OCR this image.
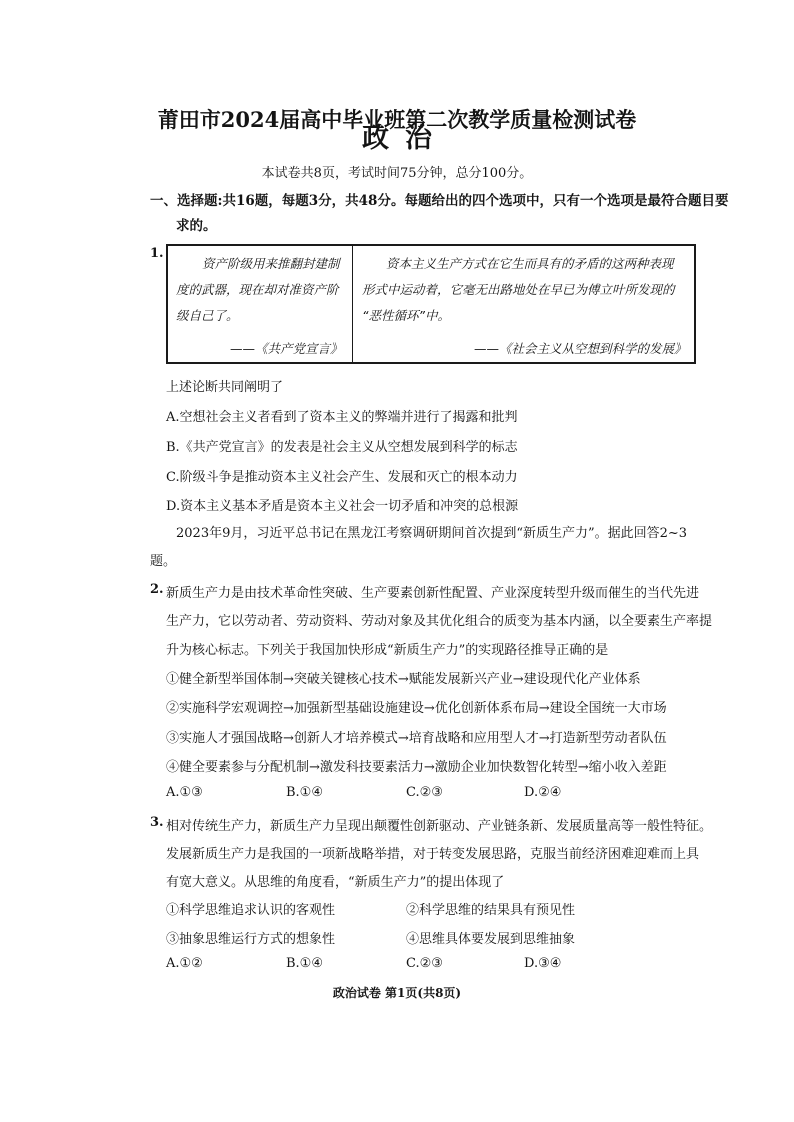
莆田市2024届高中毕业班第二次教学质量检测试卷
政治
本试卷共8页，考试时间75分钟，总分100分。
一、选择题:共16题，每题3分，共48分。每题给出的四个选项中，只有一个选项是最符合题目要
求的。
1.
资产阶级用来推翻封建制
度的武器，现在却对准资产阶
级自己了。
——《共产党宣言》
资本主义生产方式在它生而具有的矛盾的这两种表现
形式中运动着，它毫无出路地处在早已为傅立叶所发现的
“恶性循环”中。
——《社会主义从空想到科学的发展》
上述论断共同阐明了
A.空想社会主义者看到了资本主义的弊端并进行了揭露和批判
B.《共产党宣言》的发表是社会主义从空想发展到科学的标志
C.阶级斗争是推动资本主义社会产生、发展和灭亡的根本动力
D.资本主义基本矛盾是资本主义社会一切矛盾和冲突的总根源
2023年9月，习近平总书记在黑龙江考察调研期间首次提到“新质生产力”。据此回答2~3
题。
2. 新质生产力是由技术革命性突破、生产要素创新性配置、产业深度转型升级而催生的当代先进
生产力，它以劳动者、劳动资料、劳动对象及其优化组合的质变为基本内涵，以全要素生产率提
升为核心标志。下列关于我国加快形成“新质生产力”的实现路径推导正确的是
①健全新型举国体制→突破关键核心技术→赋能发展新兴产业→建设现代化产业体系
②实施科学宏观调控→加强新型基础设施建设→优化创新体系布局→建设全国统一大市场
③实施人才强国战略→创新人才培养模式→培育战略和应用型人才→打造新型劳动者队伍
④健全要素参与分配机制→激发科技要素活力→激励企业加快数智化转型→缩小收入差距
A.①③	B.①④	C.②③	D.②④
3. 相对传统生产力，新质生产力呈现出颠覆性创新驱动、产业链条新、发展质量高等一般性特征。
发展新质生产力是我国的一项新战略举措，对于转变发展思路，克服当前经济困难迎难而上具
有宽大意义。从思维的角度看，“新质生产力”的提出体现了
①科学思维追求认识的客观性	②科学思维的结果具有预见性
③抽象思维运行方式的想象性	④思维具体要发展到思维抽象
A.①②	B.①④	C.②③	D.③④
政治试卷 第1页(共8页)
